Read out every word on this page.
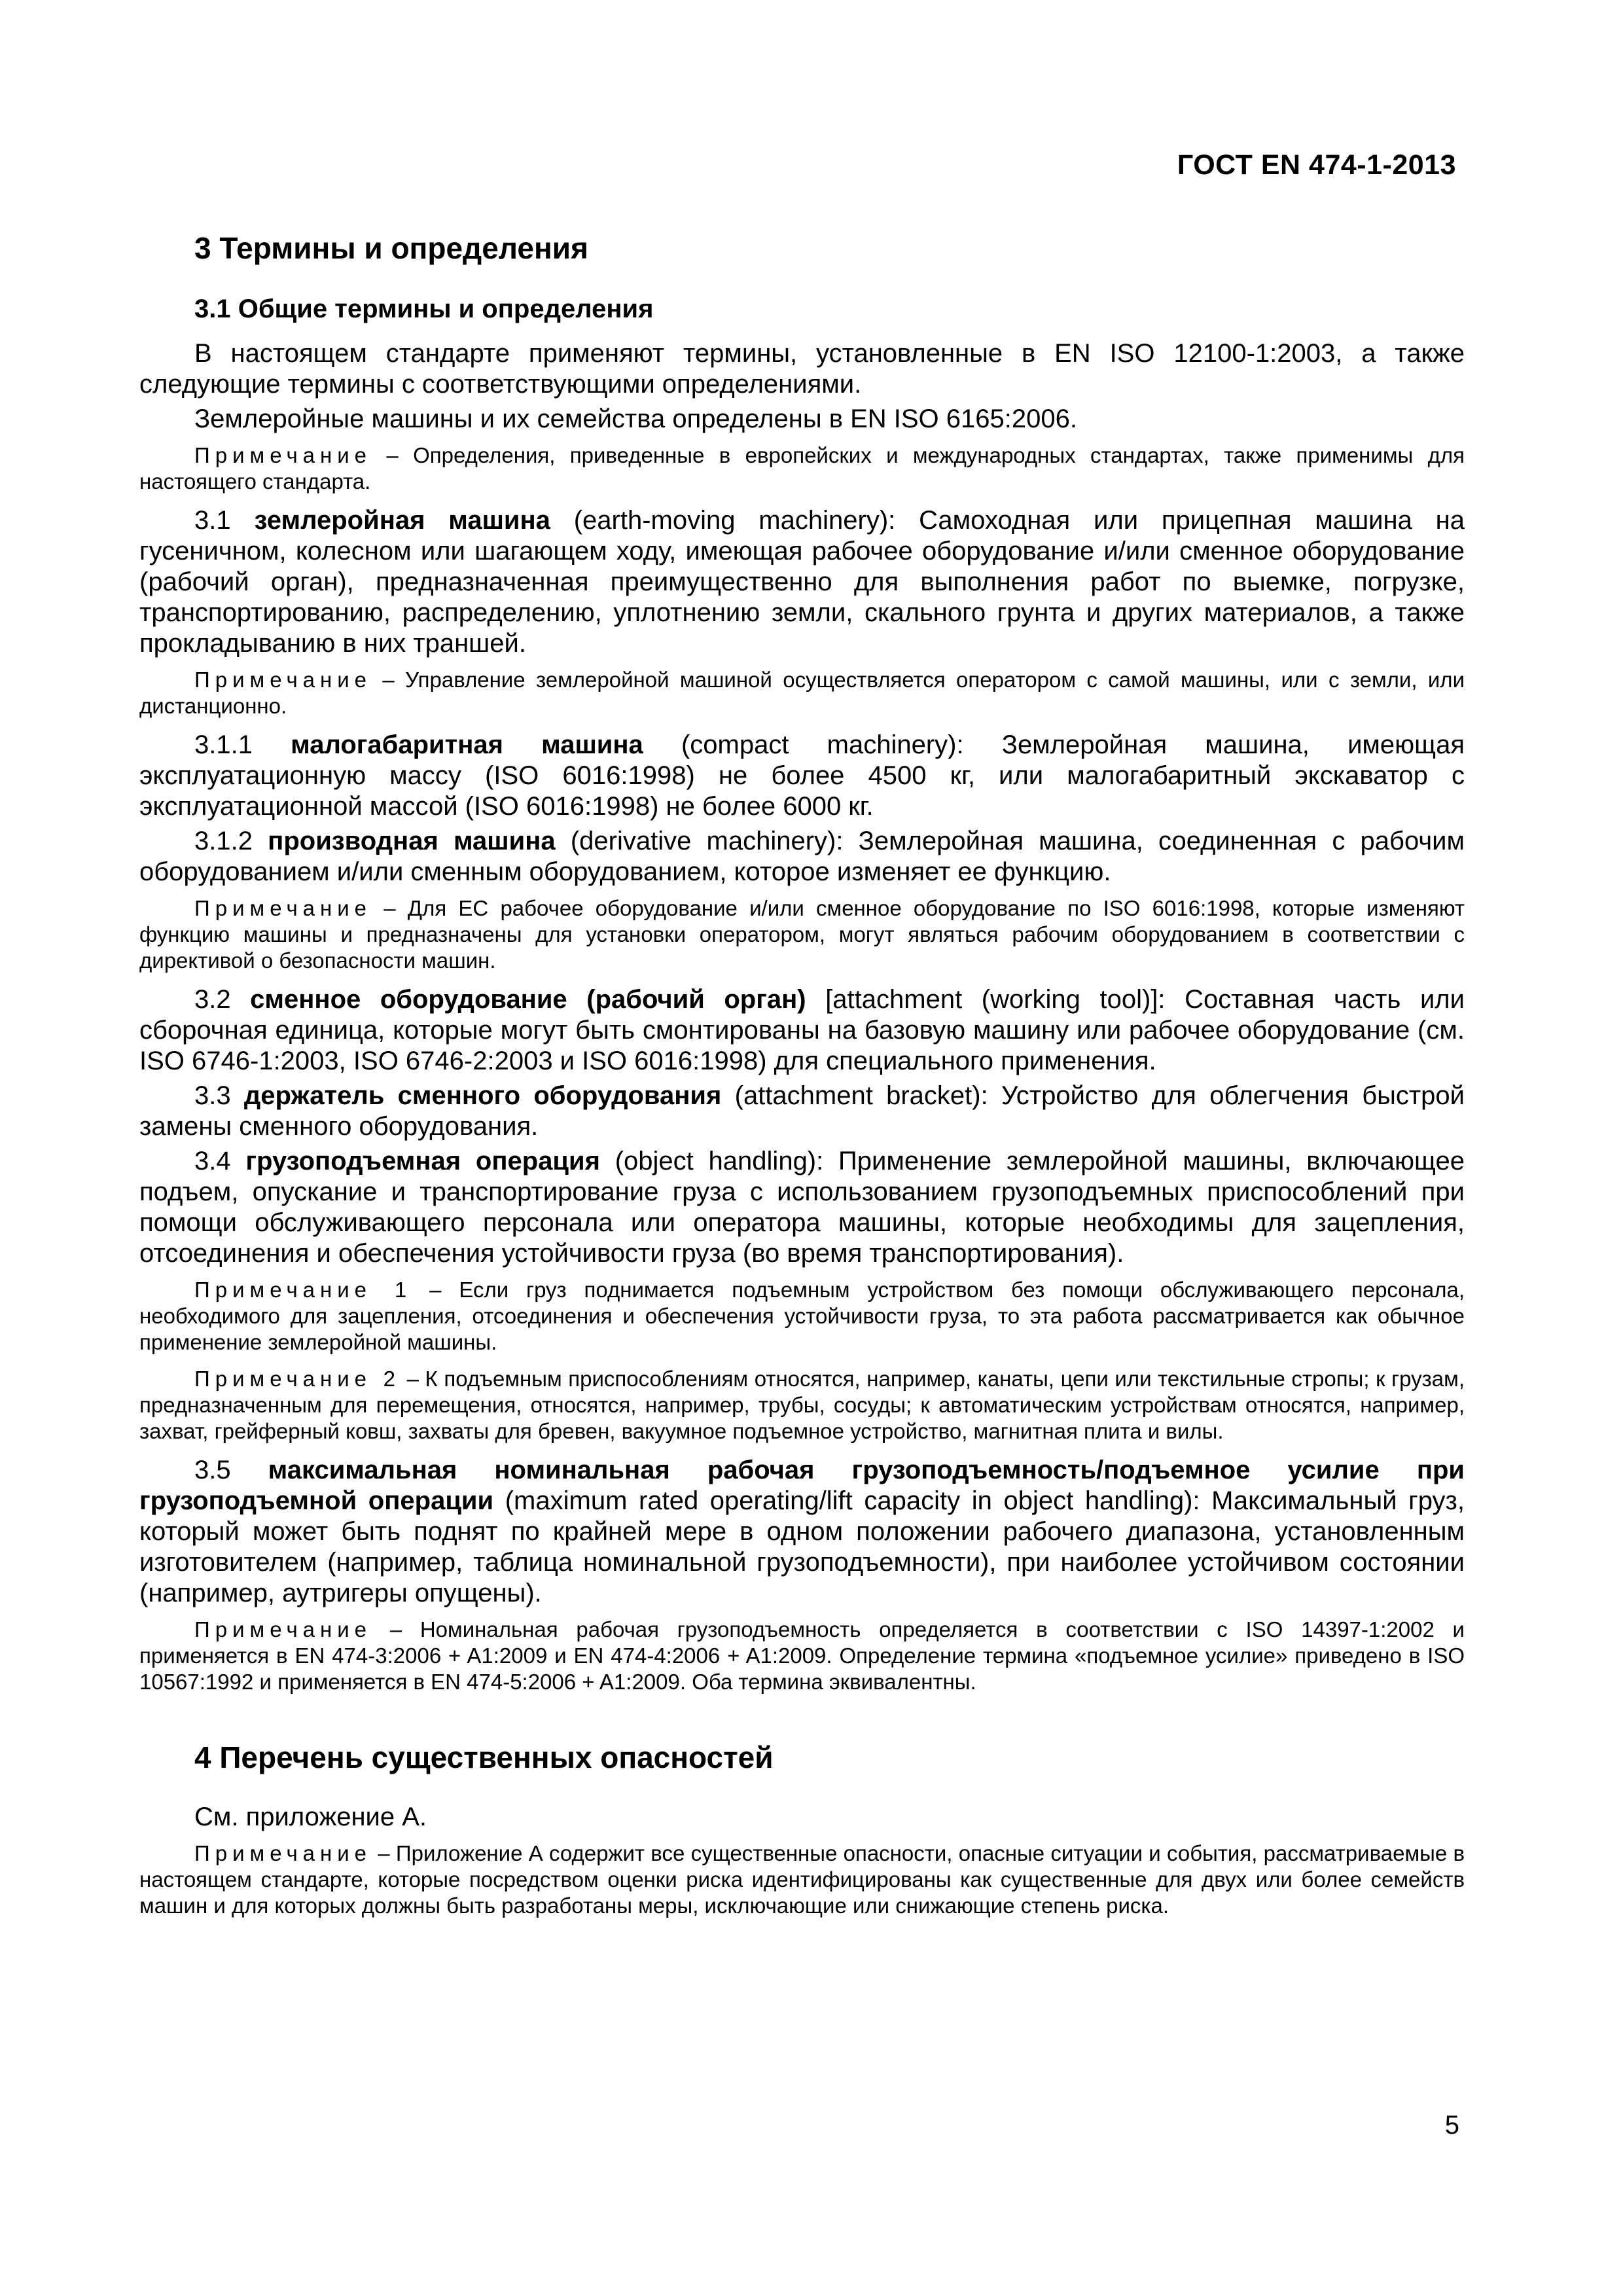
ГОСТ EN 474-1-2013
3 Термины и определения
3.1 Общие термины и определения

В настоящем стандарте применяют термины, установленные в EN ISO 12100-1:2003, а также следующие термины с соответствующими определениями.

Землеройные машины и их семейства определены в EN ISO 6165:2006.

Примечание – Определения, приведенные в европейских и международных стандартах, также применимы для настоящего стандарта.

3.1 землеройная машина (earth-moving machinery): Самоходная или прицепная машина на гусеничном, колесном или шагающем ходу, имеющая рабочее оборудование и/или сменное оборудование (рабочий орган), предназначенная преимущественно для выполнения работ по выемке, погрузке, транспортированию, распределению, уплотнению земли, скального грунта и других материалов, а также прокладыванию в них траншей.

Примечание – Управление землеройной машиной осуществляется оператором с самой машины, или с земли, или дистанционно.

3.1.1 малогабаритная машина (compact machinery): Землеройная машина, имеющая эксплуатационную массу (ISO 6016:1998) не более 4500 кг, или малогабаритный экскаватор с эксплуатационной массой (ISO 6016:1998) не более 6000 кг.

3.1.2 производная машина (derivative machinery): Землеройная машина, соединенная с рабочим оборудованием и/или сменным оборудованием, которое изменяет ее функцию.

Примечание – Для ЕС рабочее оборудование и/или сменное оборудование по ISO 6016:1998, которые изменяют функцию машины и предназначены для установки оператором, могут являться рабочим оборудованием в соответствии с директивой о безопасности машин.

3.2 сменное оборудование (рабочий орган) [attachment (working tool)]: Составная часть или сборочная единица, которые могут быть смонтированы на базовую машину или рабочее оборудование (см. ISO 6746-1:2003, ISO 6746-2:2003 и ISO 6016:1998) для специального применения.

3.3 держатель сменного оборудования (attachment bracket): Устройство для облегчения быстрой замены сменного оборудования.

3.4 грузоподъемная операция (object handling): Применение землеройной машины, включающее подъем, опускание и транспортирование груза с использованием грузоподъемных приспособлений при помощи обслуживающего персонала или оператора машины, которые необходимы для зацепления, отсоединения и обеспечения устойчивости груза (во время транспортирования).

Примечание 1 – Если груз поднимается подъемным устройством без помощи обслуживающего персонала, необходимого для зацепления, отсоединения и обеспечения устойчивости груза, то эта работа рассматривается как обычное применение землеройной машины.

Примечание 2 – К подъемным приспособлениям относятся, например, канаты, цепи или текстильные стропы; к грузам, предназначенным для перемещения, относятся, например, трубы, сосуды; к автоматическим устройствам относятся, например, захват, грейферный ковш, захваты для бревен, вакуумное подъемное устройство, магнитная плита и вилы.

3.5 максимальная номинальная рабочая грузоподъемность/подъемное усилие при грузоподъемной операции (maximum rated operating/lift capacity in object handling): Максимальный груз, который может быть поднят по крайней мере в одном положении рабочего диапазона, установленным изготовителем (например, таблица номинальной грузоподъемности), при наиболее устойчивом состоянии (например, аутригеры опущены).

Примечание – Номинальная рабочая грузоподъемность определяется в соответствии с ISO 14397-1:2002 и применяется в EN 474-3:2006 + A1:2009 и EN 474-4:2006 + A1:2009. Определение термина «подъемное усилие» приведено в ISO 10567:1992 и применяется в EN 474-5:2006 + A1:2009. Оба термина эквивалентны.

4 Перечень существенных опасностей

См. приложение А.

Примечание – Приложение А содержит все существенные опасности, опасные ситуации и события, рассматриваемые в настоящем стандарте, которые посредством оценки риска идентифицированы как существенные для двух или более семейств машин и для которых должны быть разработаны меры, исключающие или снижающие степень риска.

5
